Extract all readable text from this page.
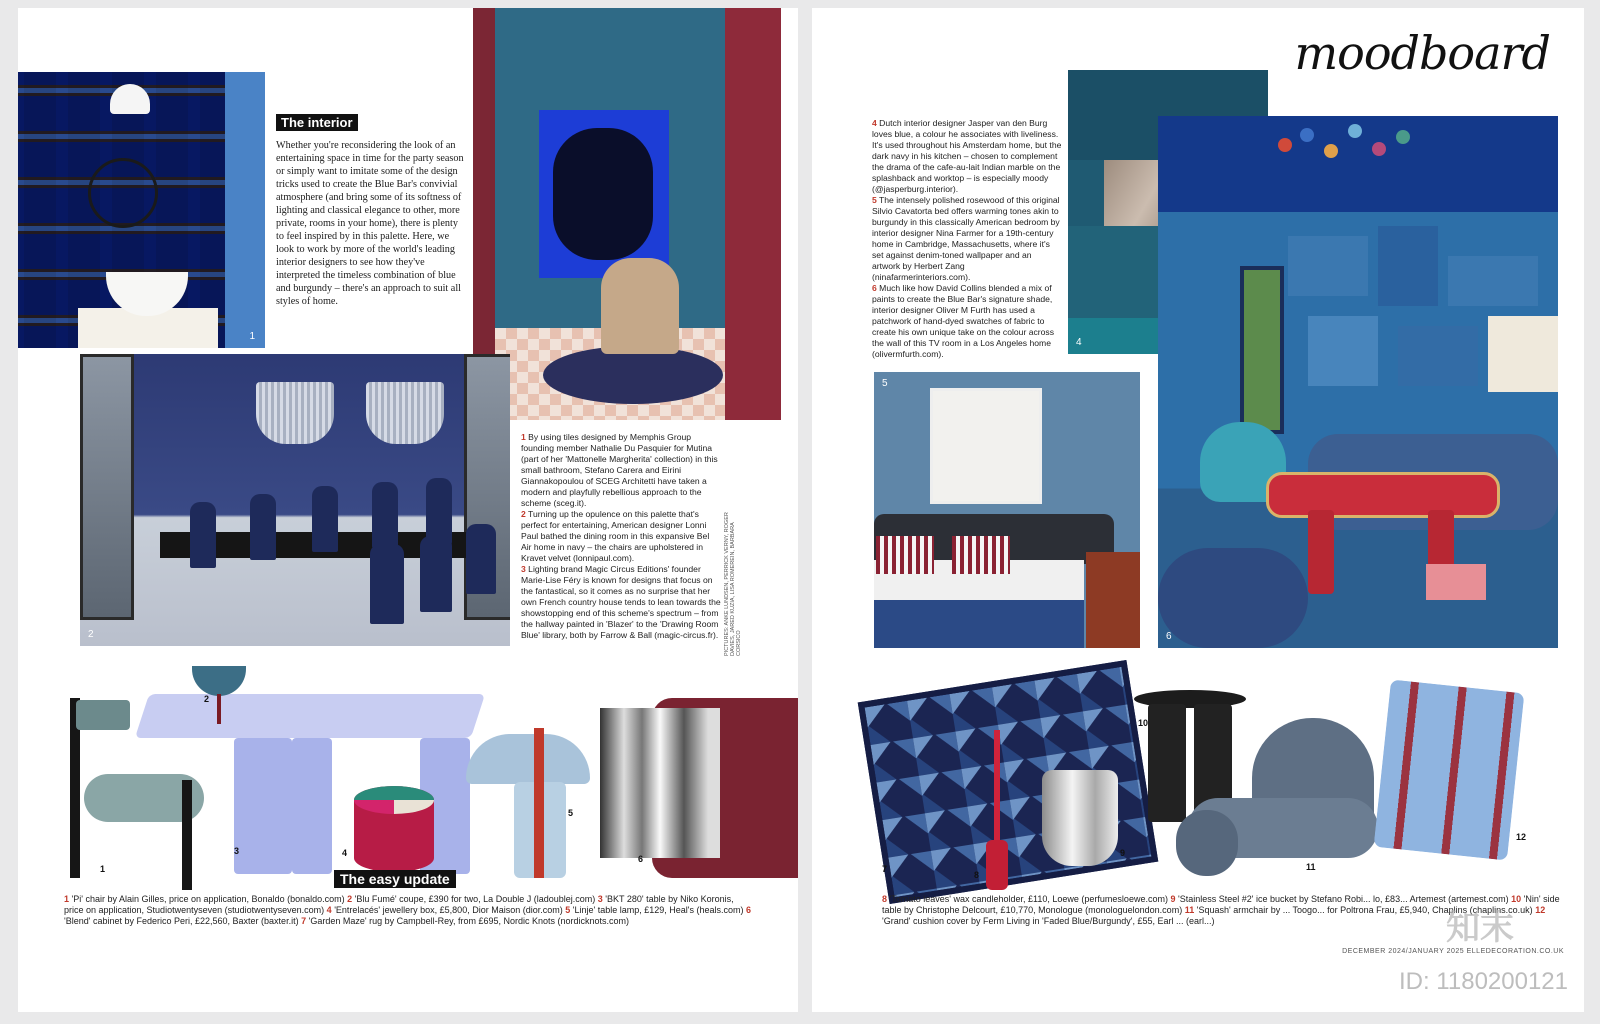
1
The interior

Whether you're reconsidering the look of an entertaining space in time for the party season or simply want to imitate some of the design tricks used to create the Blue Bar's convivial atmosphere (and bring some of its softness of lighting and classical elegance to other, more private, rooms in your home), there is plenty to feel inspired by in this palette. Here, we look to work by more of the world's leading interior designers to see how they've interpreted the timeless combination of blue and burgundy – there's an approach to suit all styles of home.

2
1 By using tiles designed by Memphis Group founding member Nathalie Du Pasquier for Mutina (part of her 'Mattonelle Margherita' collection) in this small bathroom, Stefano Carera and Eirini Giannakopoulou of SCEG Architetti have taken a modern and playfully rebellious approach to the scheme (sceg.it).
2 Turning up the opulence on this palette that's perfect for entertaining, American designer Lonni Paul bathed the dining room in this expansive Bel Air home in navy – the chairs are upholstered in Kravet velvet (lonnipaul.com).
3 Lighting brand Magic Circus Editions' founder Marie-Lise Féry is known for designs that focus on the fantastical, so it comes as no surprise that her own French country house tends to lean towards the showstopping end of this scheme's spectrum – from the hallway painted in 'Blazer' to the 'Drawing Room Blue' library, both by Farrow & Ball (magic-circus.fr).	PICTURES: ANKE LUNDSEN, PERRICK VERNY, ROGER DAVIES, JARED KUZIA, LISA ROMEREIN, BARBARA CORSICO
1
2
3	4
5
6
The easy update
1 'Pi' chair by Alain Gilles, price on application, Bonaldo (bonaldo.com) 2 'Blu Fumé' coupe, £390 for two, La Double J (ladoublej.com) 3 'BKT 280' table by Niko Koronis, price on application, Studiotwentyseven (studiotwentyseven.com) 4 'Entrelacés' jewellery box, £5,800, Dior Maison (dior.com) 5 'Linje' table lamp, £129, Heal's (heals.com) 6 'Blend' cabinet by Federico Peri, £22,560, Baxter (baxter.it) 7 'Garden Maze' rug by Campbell-Rey, from £695, Nordic Knots (nordicknots.com)
moodboard
4 Dutch interior designer Jasper van den Burg loves blue, a colour he associates with liveliness. It's used throughout his Amsterdam home, but the dark navy in his kitchen – chosen to complement the drama of the cafe-au-lait Indian marble on the splashback and worktop – is especially moody (@jasperburg.interior).
5 The intensely polished rosewood of this original Silvio Cavatorta bed offers warming tones akin to burgundy in this classically American bedroom by interior designer Nina Farmer for a 19th-century home in Cambridge, Massachusetts, where it's set against denim-toned wallpaper and an artwork by Herbert Zang (ninafarmerinteriors.com).
6 Much like how David Collins blended a mix of paints to create the Blue Bar's signature shade, interior designer Oliver M Furth has used a patchwork of hand-dyed swatches of fabric to create his own unique take on the colour across the wall of this TV room in a Los Angeles home (olivermfurth.com).
4
5
6
7
8
9
10
11
12
8 'Tomato leaves' wax candleholder, £110, Loewe (perfumesloewe.com) 9 'Stainless Steel #2' ice bucket by Stefano Robi... lo, £83... Artemest (artemest.com) 10 'Nin' side table by Christophe Delcourt, £10,770, Monologue (monologuelondon.com) 11 'Squash' armchair by ... Toogo... for Poltrona Frau, £5,940, Chaplins (chaplins.co.uk) 12 'Grand' cushion cover by Ferm Living in 'Faded Blue/Burgundy', £55, Earl ... (earl...)
DECEMBER 2024/JANUARY 2025 ELLEDECORATION.CO.UK
知末
ID: 1180200121
